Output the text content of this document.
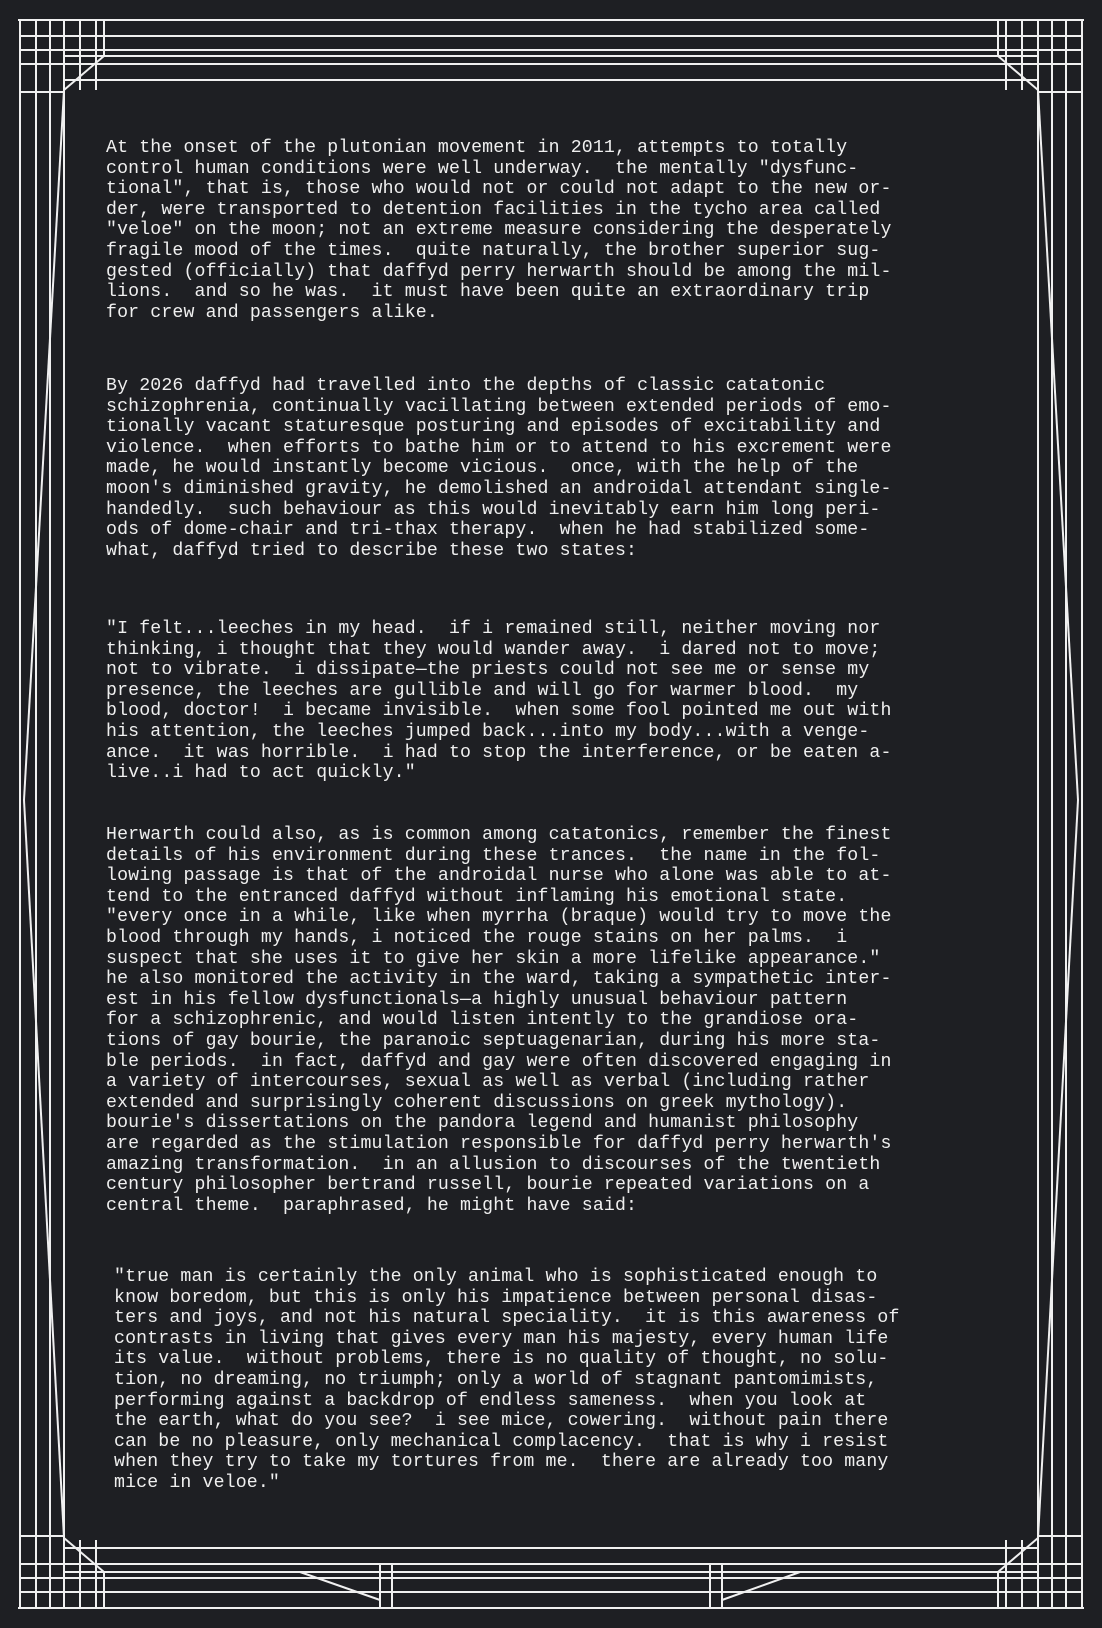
At the onset of the plutonian movement in 2011, attempts to totally
control human conditions were well underway.  the mentally "dysfunc-
tional", that is, those who would not or could not adapt to the new or-
der, were transported to detention facilities in the tycho area called
"veloe" on the moon; not an extreme measure considering the desperately
fragile mood of the times.  quite naturally, the brother superior sug-
gested (officially) that daffyd perry herwarth should be among the mil-
lions.  and so he was.  it must have been quite an extraordinary trip
for crew and passengers alike.
By 2026 daffyd had travelled into the depths of classic catatonic
schizophrenia, continually vacillating between extended periods of emo-
tionally vacant staturesque posturing and episodes of excitability and
violence.  when efforts to bathe him or to attend to his excrement were
made, he would instantly become vicious.  once, with the help of the
moon's diminished gravity, he demolished an androidal attendant single-
handedly.  such behaviour as this would inevitably earn him long peri-
ods of dome-chair and tri-thax therapy.  when he had stabilized some-
what, daffyd tried to describe these two states:
"I felt...leeches in my head.  if i remained still, neither moving nor
thinking, i thought that they would wander away.  i dared not to move;
not to vibrate.  i dissipate—the priests could not see me or sense my
presence, the leeches are gullible and will go for warmer blood.  my
blood, doctor!  i became invisible.  when some fool pointed me out with
his attention, the leeches jumped back...into my body...with a venge-
ance.  it was horrible.  i had to stop the interference, or be eaten a-
live..i had to act quickly."
Herwarth could also, as is common among catatonics, remember the finest
details of his environment during these trances.  the name in the fol-
lowing passage is that of the androidal nurse who alone was able to at-
tend to the entranced daffyd without inflaming his emotional state.
"every once in a while, like when myrrha (braque) would try to move the
blood through my hands, i noticed the rouge stains on her palms.  i
suspect that she uses it to give her skin a more lifelike appearance."
he also monitored the activity in the ward, taking a sympathetic inter-
est in his fellow dysfunctionals—a highly unusual behaviour pattern
for a schizophrenic, and would listen intently to the grandiose ora-
tions of gay bourie, the paranoic septuagenarian, during his more sta-
ble periods.  in fact, daffyd and gay were often discovered engaging in
a variety of intercourses, sexual as well as verbal (including rather
extended and surprisingly coherent discussions on greek mythology).
bourie's dissertations on the pandora legend and humanist philosophy
are regarded as the stimulation responsible for daffyd perry herwarth's
amazing transformation.  in an allusion to discourses of the twentieth
century philosopher bertrand russell, bourie repeated variations on a
central theme.  paraphrased, he might have said:
"true man is certainly the only animal who is sophisticated enough to
know boredom, but this is only his impatience between personal disas-
ters and joys, and not his natural speciality.  it is this awareness of
contrasts in living that gives every man his majesty, every human life
its value.  without problems, there is no quality of thought, no solu-
tion, no dreaming, no triumph; only a world of stagnant pantomimists,
performing against a backdrop of endless sameness.  when you look at
the earth, what do you see?  i see mice, cowering.  without pain there
can be no pleasure, only mechanical complacency.  that is why i resist
when they try to take my tortures from me.  there are already too many
mice in veloe."
